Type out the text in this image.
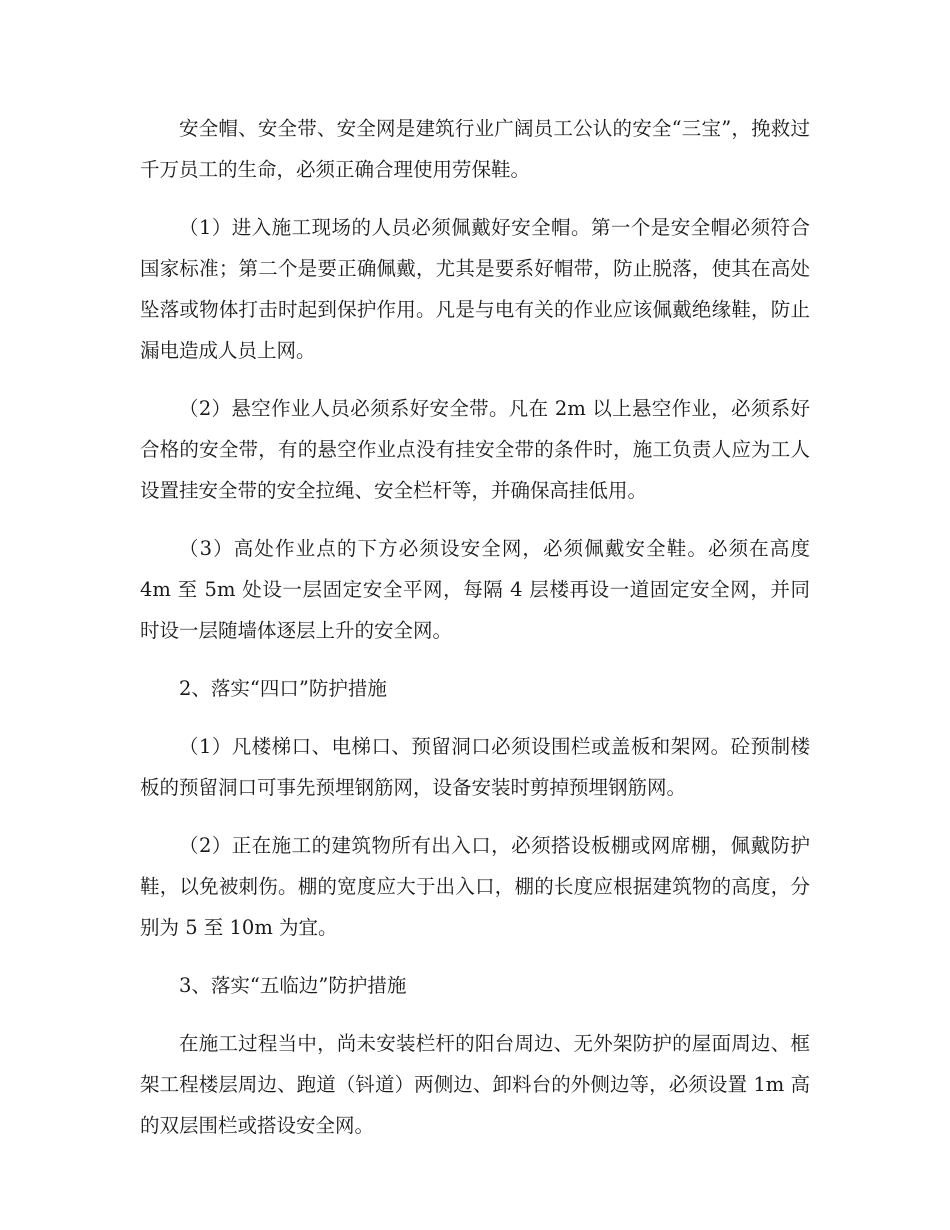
安全帽、安全带、安全网是建筑行业广阔员工公认的安全“三宝”，挽救过千万员工的生命，必须正确合理使用劳保鞋。

（1）进入施工现场的人员必须佩戴好安全帽。第一个是安全帽必须符合国家标准；第二个是要正确佩戴，尤其是要系好帽带，防止脱落，使其在高处坠落或物体打击时起到保护作用。凡是与电有关的作业应该佩戴绝缘鞋，防止漏电造成人员上网。

（2）悬空作业人员必须系好安全带。凡在 2m 以上悬空作业，必须系好合格的安全带，有的悬空作业点没有挂安全带的条件时，施工负责人应为工人设置挂安全带的安全拉绳、安全栏杆等，并确保高挂低用。

（3）高处作业点的下方必须设安全网，必须佩戴安全鞋。必须在高度 4m 至 5m 处设一层固定安全平网，每隔 4 层楼再设一道固定安全网，并同时设一层随墙体逐层上升的安全网。

2、落实“四口”防护措施

（1）凡楼梯口、电梯口、预留洞口必须设围栏或盖板和架网。砼预制楼板的预留洞口可事先预埋钢筋网，设备安装时剪掉预埋钢筋网。

（2）正在施工的建筑物所有出入口，必须搭设板棚或网席棚，佩戴防护鞋，以免被刺伤。棚的宽度应大于出入口，棚的长度应根据建筑物的高度，分别为 5 至 10m 为宜。

3、落实“五临边”防护措施

在施工过程当中，尚未安装栏杆的阳台周边、无外架防护的屋面周边、框架工程楼层周边、跑道（钭道）两侧边、卸料台的外侧边等，必须设置 1m 高的双层围栏或搭设安全网。
